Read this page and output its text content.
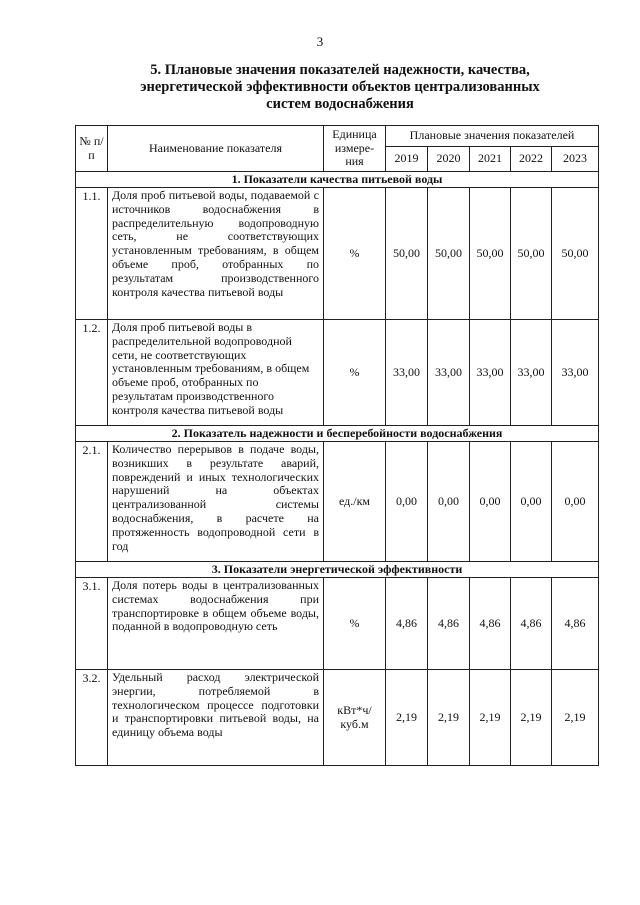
3
5. Плановые значения показателей надежности, качества,
энергетической эффективности объектов централизованных
систем водоснабжения
№ п/п	Наименование показателя	Единица измере-ния	Плановые значения показателей				
			2019	2020	2021	2022	2023
1. Показатели качества питьевой воды							
1.1.	Доля проб питьевой воды, подаваемой с источников водоснабжения в распределительную водопроводную сеть, не соответствующих установленным требованиям, в общем объеме проб, отобранных по результатам производственного контроля качества питьевой воды	%	50,00	50,00	50,00	50,00	50,00
1.2.	Доля проб питьевой воды в распределительной водопроводной сети, не соответствующих установленным требованиям, в общем объеме проб, отобранных по результатам производственного контроля качества питьевой воды	%	33,00	33,00	33,00	33,00	33,00
2. Показатель надежности и бесперебойности водоснабжения							
2.1.	Количество перерывов в подаче воды, возникших в результате аварий, повреждений и иных технологических нарушений на объектах централизованной системы водоснабжения, в расчете на протяженность водопроводной сети в год	ед./км	0,00	0,00	0,00	0,00	0,00
3. Показатели энергетической эффективности							
3.1.	Доля потерь воды в централизованных системах водоснабжения при транспортировке в общем объеме воды, поданной в водопроводную сеть	%	4,86	4,86	4,86	4,86	4,86
3.2.	Удельный расход электрической энергии, потребляемой в технологическом процессе подготовки и транспортировки питьевой воды, на единицу объема воды	кВт*ч/ куб.м	2,19	2,19	2,19	2,19	2,19
